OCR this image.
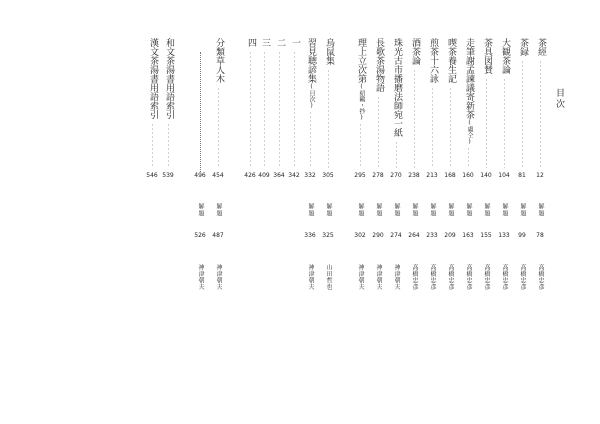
目次
茶經
12
解題
78
高橋忠彥
茶録
81
解題
99
高橋忠彥
大観茶論
104
解題
133
高橋忠彥
茶具図賛
140
解題
155
高橋忠彥
走筆謝孟諫議寄新茶(盧仝)
160
解題
163
高橋忠彥
喫茶養生記
168
解題
209
高橋忠彥
煎茶十六詠
213
解題
233
高橋忠彥
酒茶論
238
解題
264
高橋忠彥
珠光古市播磨法師宛一紙
270
解題
274
神津朝夫
長歌茶湯物語
278
解題
290
神津朝夫
理上立次第(紹鷗・抄)
295
解題
302
神津朝夫
烏鼠集
305
解題
325
山田哲也
習見聴諺集(目次)
332
解題
336
神津朝夫
一
342
二
364
三
409
四
426
分類草人木
454
解題
487
神津朝夫
496
解題
526
神津朝夫
和文茶湯書用語索引
539
漢文茶湯書用語索引
546
